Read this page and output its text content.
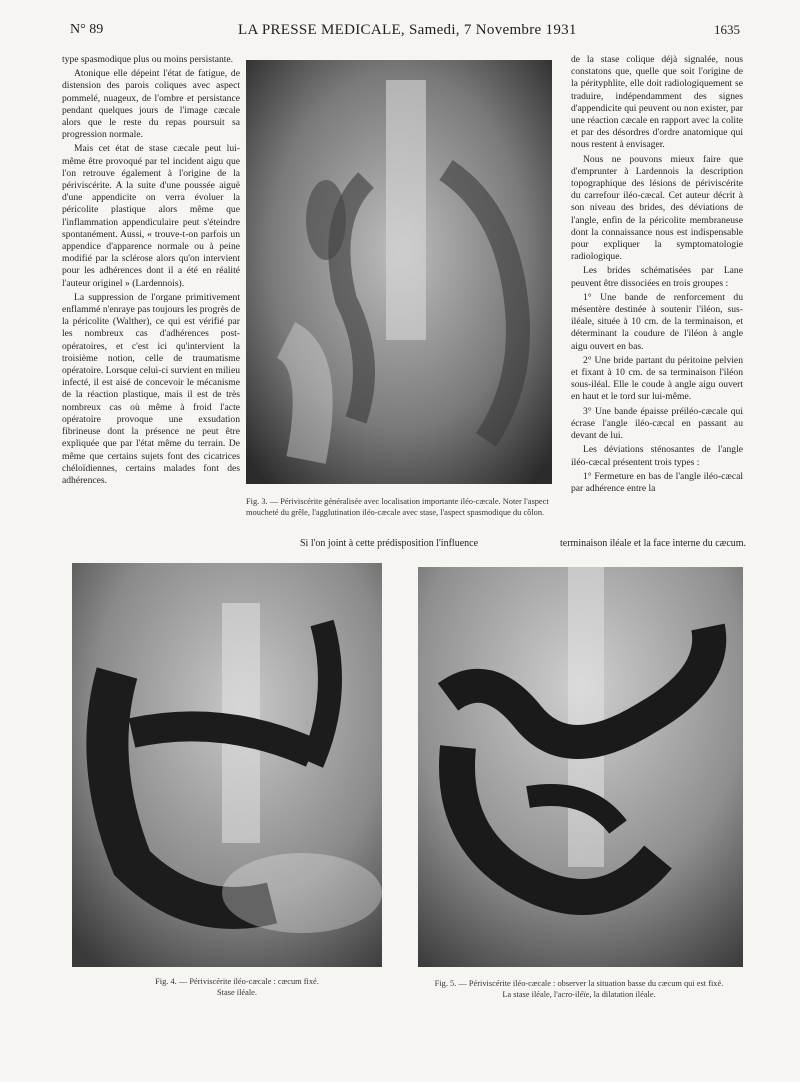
N° 89	LA PRESSE MEDICALE, Samedi, 7 Novembre 1931	1635

type spasmodique plus ou moins persistante.

Atonique elle dépeint l'état de fatigue, de distension des parois coliques avec aspect pommelé, nuageux, de l'ombre et persistance pendant quelques jours de l'image cæcale alors que le reste du repas poursuit sa progression normale.

Mais cet état de stase cæcale peut lui-même être provoqué par tel incident aigu que l'on retrouve également à l'origine de la périviscérite. A la suite d'une poussée aiguë d'une appendicite on verra évoluer la péricolite plastique alors même que l'inflammation appendiculaire peut s'éteindre spontanément. Aussi, « trouve-t-on parfois un appendice d'apparence normale ou à peine modifié par la sclérose alors qu'on intervient pour les adhérences dont il a été en réalité l'auteur originel » (Lardennois).

La suppression de l'organe primitivement enflammé n'enraye pas toujours les progrès de la péricolite (Walther), ce qui est vérifié par les nombreux cas d'adhérences post-opératoires, et c'est ici qu'intervient la troisième notion, celle de traumatisme opératoire. Lorsque celui-ci survient en milieu infecté, il est aisé de concevoir le mécanisme de la réaction plastique, mais il est de très nombreux cas où même à froid l'acte opératoire provoque une exsudation fibrineuse dont la présence ne peut être expliquée que par l'état même du terrain. De même que certains sujets font des cicatrices chéloïdiennes, certains malades font des adhérences.

Fig. 3. — Périviscérite généralisée avec localisation importante iléo-cæcale. Noter l'aspect moucheté du grêle, l'agglutination iléo-cæcale avec stase, l'aspect spasmodique du côlon.

de la stase colique déjà signalée, nous constatons que, quelle que soit l'origine de la pérityphlite, elle doit radiologiquement se traduire, indépendamment des signes d'appendicite qui peuvent ou non exister, par une réaction cæcale en rapport avec la colite et par des désordres d'ordre anatomique qui nous restent à envisager.

Nous ne pouvons mieux faire que d'emprunter à Lardennois la description topographique des lésions de périviscérite du carrefour iléo-cæcal. Cet auteur décrit à son niveau des brides, des déviations de l'angle, enfin de la péricolite membraneuse dont la connaissance nous est indispensable pour expliquer la symptomatologie radiologique.

Les brides schématisées par Lane peuvent être dissociées en trois groupes :

1° Une bande de renforcement du mésentère destinée à soutenir l'iléon, sus-iléale, située à 10 cm. de la terminaison, et déterminant la coudure de l'iléon à angle aigu ouvert en bas.

2° Une bride partant du péritoine pelvien et fixant à 10 cm. de sa terminaison l'iléon sous-iléal. Elle le coude à angle aigu ouvert en haut et le tord sur lui-même.

3° Une bande épaisse préiléo-cæcale qui écrase l'angle iléo-cæcal en passant au devant de lui.

Les déviations sténosantes de l'angle iléo-cæcal présentent trois types :

1° Fermeture en bas de l'angle iléo-cæcal par adhérence entre la

Si l'on joint à cette prédisposition l'influence	terminaison iléale et la face interne du cæcum.
Fig. 4. — Périviscérite iléo-cæcale : cæcum fixé.
Stase iléale.
Fig. 5. — Périviscérite iléo-cæcale : observer la situation basse du cæcum qui est fixé.
La stase iléale, l'acro-iléïe, la dilatation iléale.
